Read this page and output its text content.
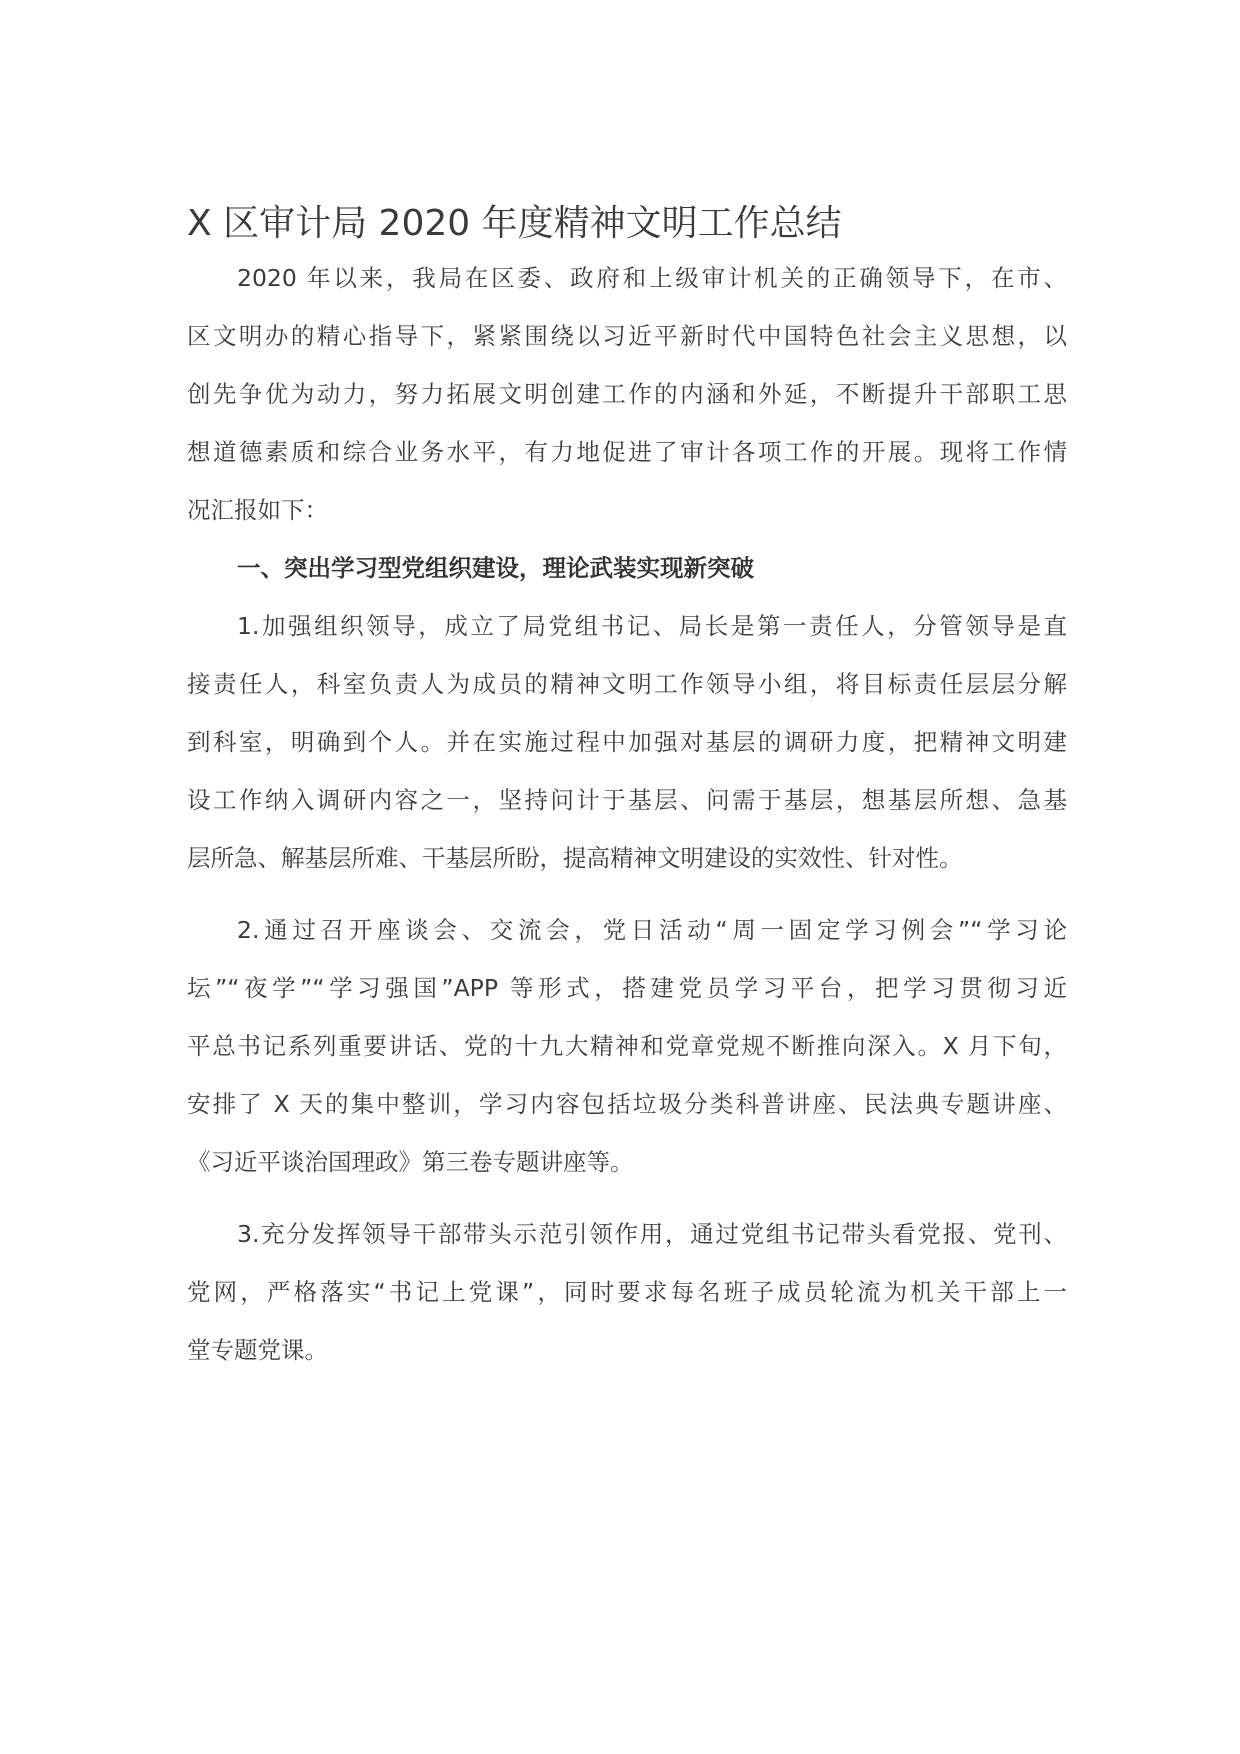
X 区审计局 2020 年度精神文明工作总结

2020 年以来，我局在区委、政府和上级审计机关的正确领导下，在市、

区文明办的精心指导下，紧紧围绕以习近平新时代中国特色社会主义思想，以

创先争优为动力，努力拓展文明创建工作的内涵和外延，不断提升干部职工思

想道德素质和综合业务水平，有力地促进了审计各项工作的开展。现将工作情

况汇报如下：

一、突出学习型党组织建设，理论武装实现新突破

1.加强组织领导，成立了局党组书记、局长是第一责任人，分管领导是直

接责任人，科室负责人为成员的精神文明工作领导小组，将目标责任层层分解

到科室，明确到个人。并在实施过程中加强对基层的调研力度，把精神文明建

设工作纳入调研内容之一，坚持问计于基层、问需于基层，想基层所想、急基

层所急、解基层所难、干基层所盼，提高精神文明建设的实效性、针对性。

2.通过召开座谈会、交流会，党日活动“周一固定学习例会”“学习论

坛”“夜学”“学习强国”APP 等形式，搭建党员学习平台，把学习贯彻习近

平总书记系列重要讲话、党的十九大精神和党章党规不断推向深入。X 月下旬，

安排了 X 天的集中整训，学习内容包括垃圾分类科普讲座、民法典专题讲座、

《习近平谈治国理政》第三卷专题讲座等。

3.充分发挥领导干部带头示范引领作用，通过党组书记带头看党报、党刊、

党网，严格落实“书记上党课”，同时要求每名班子成员轮流为机关干部上一

堂专题党课。
